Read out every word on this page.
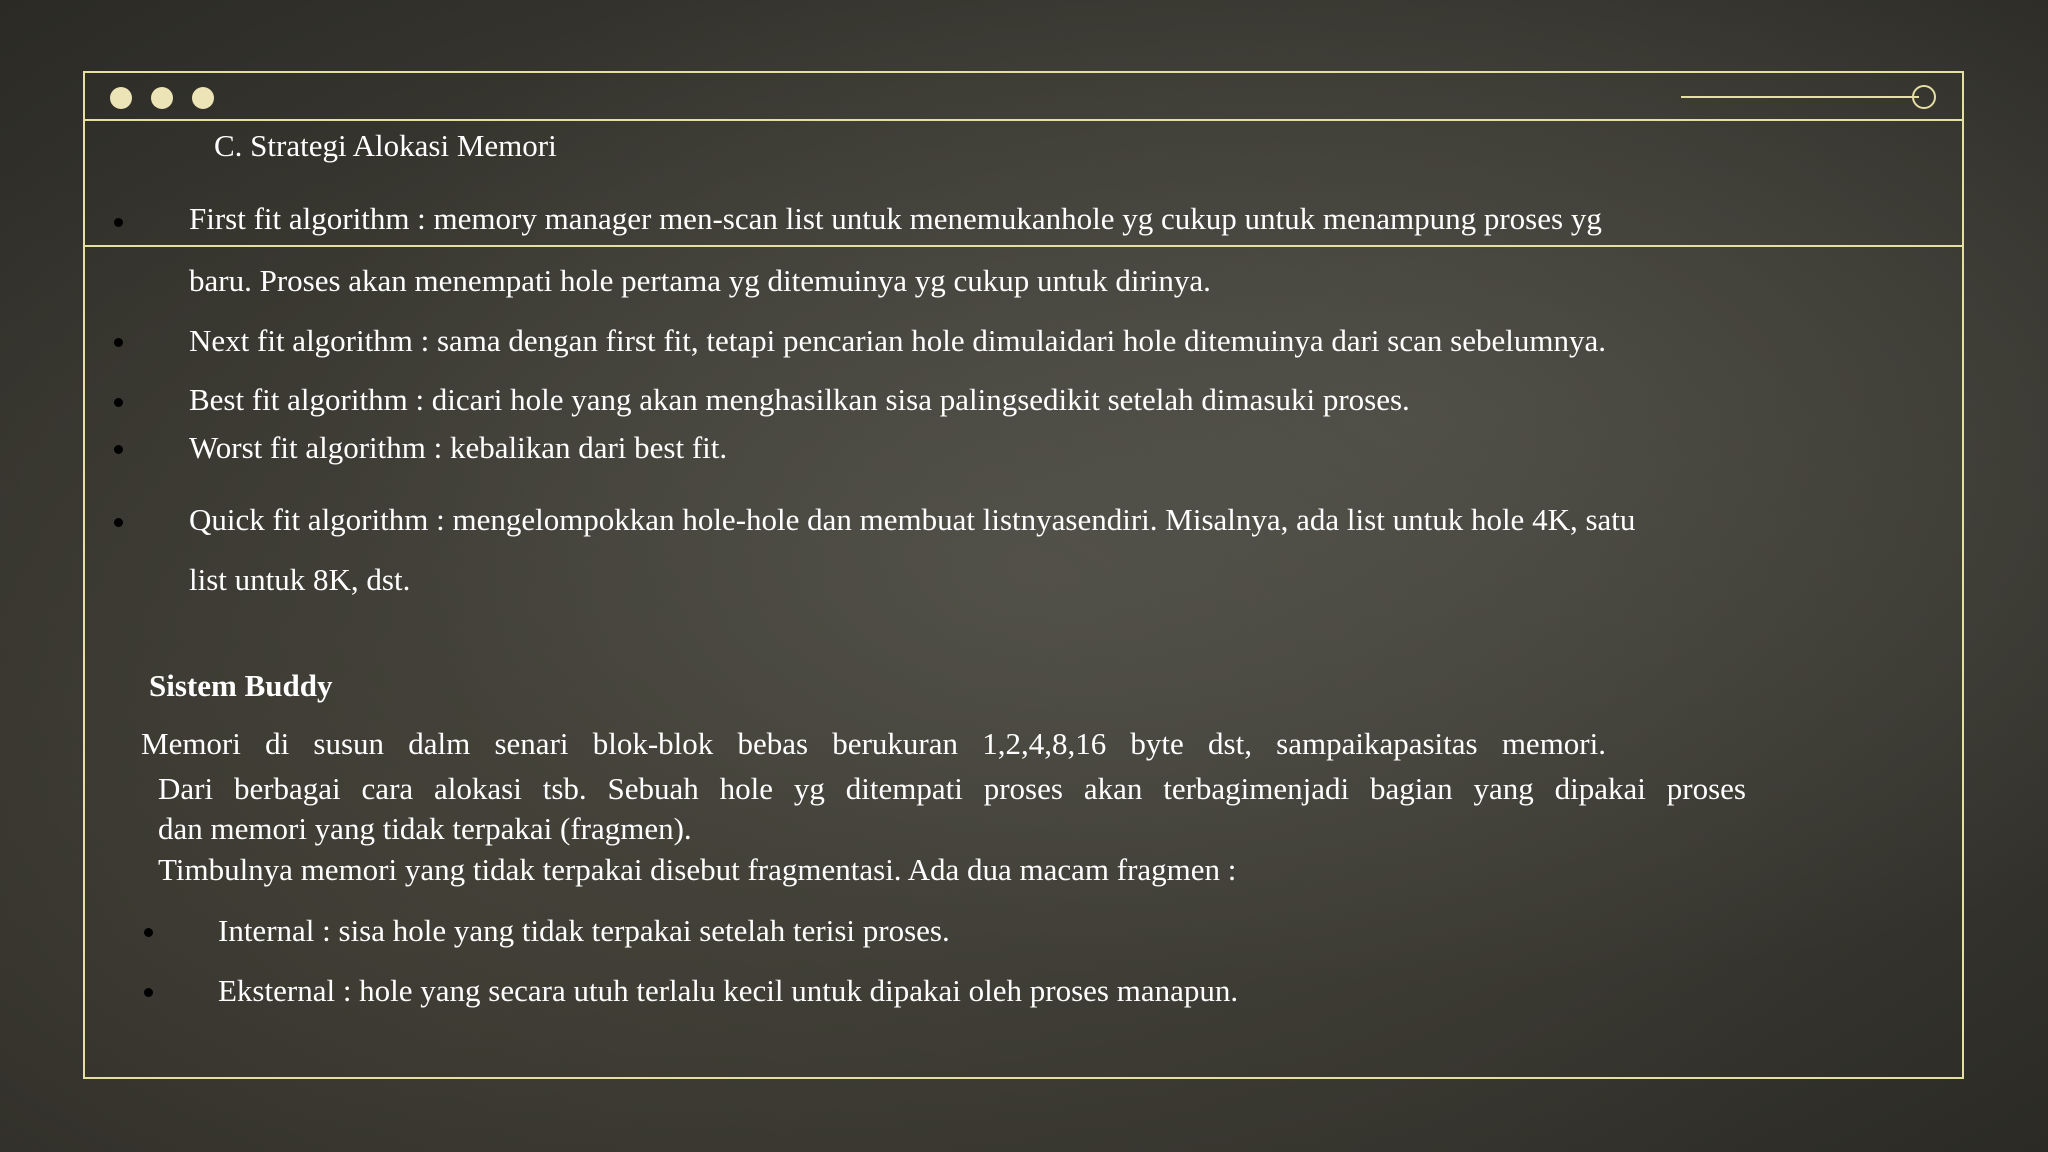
C. Strategi Alokasi Memori
First fit algorithm : memory manager men-scan list untuk menemukanhole yg cukup untuk menampung proses yg
baru. Proses akan menempati hole pertama yg ditemuinya yg cukup untuk dirinya.
Next fit algorithm : sama dengan first fit, tetapi pencarian hole dimulaidari hole ditemuinya dari scan sebelumnya.
Best fit algorithm : dicari hole yang akan menghasilkan sisa palingsedikit setelah dimasuki proses.
Worst fit algorithm : kebalikan dari best fit.
Quick fit algorithm : mengelompokkan hole-hole dan membuat listnyasendiri. Misalnya, ada list untuk hole 4K, satu
list untuk 8K, dst.
Sistem Buddy
Memori di susun dalm senari blok-blok bebas berukuran 1,2,4,8,16 byte dst, sampaikapasitas memori.
Dari berbagai cara alokasi tsb. Sebuah hole yg ditempati proses akan terbagimenjadi bagian yang dipakai proses
dan memori yang tidak terpakai (fragmen).
Timbulnya memori yang tidak terpakai disebut fragmentasi. Ada dua macam fragmen :
Internal : sisa hole yang tidak terpakai setelah terisi proses.
Eksternal : hole yang secara utuh terlalu kecil untuk dipakai oleh proses manapun.
